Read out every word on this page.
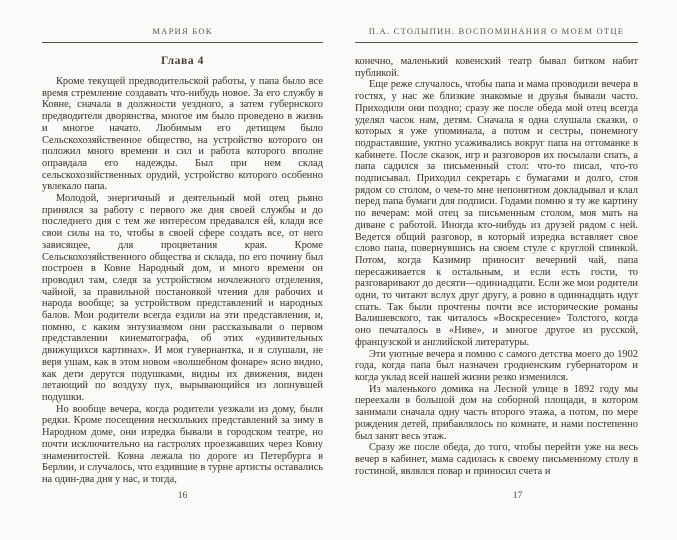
МАРИЯ БОК
Глава 4

Кроме текущей предводительской работы, у папа было все время стремление создавать что-нибудь новое. За его службу в Ковне, сначала в должности уездного, а затем губернского предводителя дворянства, многое им было проведено в жизнь и многое начато. Любимым его детищем было Сельскохозяйственное общество, на устройство которого он положил много времени и сил и работа которого вполне оправдала его надежды. Был при нем склад сельскохозяйственных орудий, устройство которого особенно увлекало папа.

Молодой, энергичный и деятельный мой отец рьяно принялся за работу с первого же дня своей службы и до последнего дня с тем же интересом предавался ей, кладя все свои силы на то, чтобы в своей сфере создать все, от него зависящее, для процветания края. Кроме Сельскохозяйственного общества и склада, по его почину был построен в Ковне Народный дом, и много времени он проводил там, следя за устройством ночлежного отделения, чайной, за правильной постановкой чтения для рабочих и народа вообще; за устройством представлений и народных балов. Мои родители всегда ездили на эти представления, и, помню, с каким энтузиазмом они рассказывали о первом представлении кинематографа, об этих «удивительных движущихся картинах». И моя гувернантка, и я слушали, не веря ушам, как в этом новом «волшебном фонаре» ясно видно, как дети дерутся подушками, видны их движения, виден летающий по воздуху пух, вырывающийся из лопнувшей подушки.

Но вообще вечера, когда родители уезжали из дому, были редки. Кроме посещения нескольких представлений за зиму в Народном доме, они изредка бывали в городском театре, но почти исключительно на гастролях проезжавших через Ковну знаменитостей. Ковна лежала по дороге из Петербурга в Берлин, и случалось, что ездившие в турне артисты оставались на один-два дня у нас, и тогда,

16
П.А. СТОЛЫПИН. ВОСПОМИНАНИЯ О МОЕМ ОТЦЕ

конечно, маленький ковенский театр бывал битком набит публикой.

Еще реже случалось, чтобы папа и мама проводили вечера в гостях, у нас же близкие знакомые и друзья бывали часто. Приходили они поздно; сразу же после обеда мой отец всегда уделял часок нам, детям. Сначала я одна слушала сказки, о которых я уже упоминала, а потом и сестры, понемногу подраставшие, уютно усаживались вокруг папа на оттоманке в кабинете. После сказок, игр и разговоров их посылали спать, а папа садился за письменный стол: что-то писал, что-то подписывал. Приходил секретарь с бумагами и долго, стоя рядом со столом, о чем-то мне непонятном докладывал и клал перед папа бумаги для подписи. Годами помню я ту же картину по вечерам: мой отец за письменным столом, моя мать на диване с работой. Иногда кто-нибудь из друзей рядом с ней. Ведется общий разговор, в который изредка вставляет свое слово папа, повернувшись на своем стуле с круглой спинкой. Потом, когда Казимир приносит вечерний чай, папа пересаживается к остальным, и если есть гости, то разговаривают до десяти—одиннадцати. Если же мои родители одни, то читают вслух друг другу, а ровно в одиннадцать идут спать. Так были прочтены почти все исторические романы Валишевского, так читалось «Воскресение» Толстого, когда оно печаталось в «Ниве», и многое другое из русской, французской и английской литературы.

Эти уютные вечера я помню с самого детства моего до 1902 года, когда папа был назначен гродненским губернатором и когда уклад всей нашей жизни резко изменился.

Из маленького домика на Лесной улице в 1892 году мы переехали в большой дом на соборной площади, в котором занимали сначала одну часть второго этажа, а потом, по мере рождения детей, прибавлялось по комнате, и нами постепенно был занят весь этаж.

Сразу же после обеда, до того, чтобы перейти уже на весь вечер в кабинет, мама садилась к своему письменному столу в гостиной, являлся повар и приносил счета и

17
